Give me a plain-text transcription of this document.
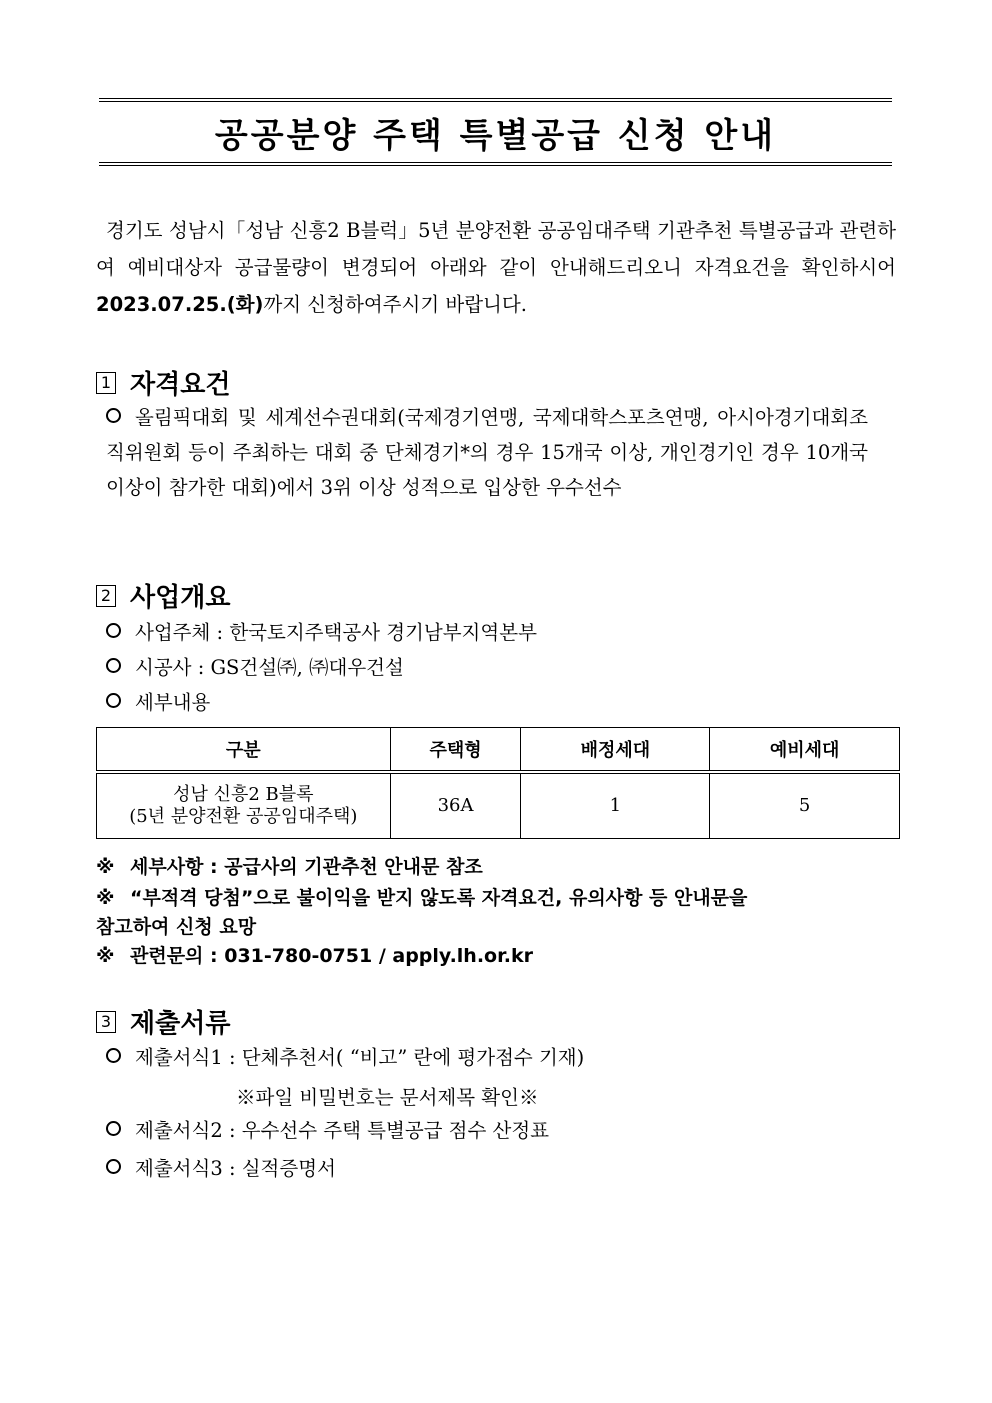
공공분양 주택 특별공급 신청 안내
경기도 성남시「성남 신흥2 B블럭」5년 분양전환 공공임대주택 기관추천 특별공급과 관련하여 예비대상자 공급물량이 변경되어 아래와 같이 안내해드리오니 자격요건을 확인하시어 2023.07.25.(화)까지 신청하여주시기 바랍니다.
1 자격요건
올림픽대회 및 세계선수권대회(국제경기연맹, 국제대학스포츠연맹, 아시아경기대회조직위원회 등이 주최하는 대회 중 단체경기*의 경우 15개국 이상, 개인경기인 경우 10개국 이상이 참가한 대회)에서 3위 이상 성적으로 입상한 우수선수
2 사업개요
사업주체 : 한국토지주택공사 경기남부지역본부
시공사 : GS건설㈜, ㈜대우건설
세부내용
구분	주택형	배정세대	예비세대

성남 신흥2 B블록
(5년 분양전환 공공임대주택)	36A	1	5
※ 세부사항 : 공급사의 기관추천 안내문 참조
※ “부적격 당첨”으로 불이익을 받지 않도록 자격요건, 유의사항 등 안내문을
참고하여 신청 요망
※ 관련문의 : 031-780-0751 / apply.lh.or.kr
3 제출서류
제출서식1 : 단체추천서( “비고” 란에 평가점수 기재)
※파일 비밀번호는 문서제목 확인※
제출서식2 : 우수선수 주택 특별공급 점수 산정표
제출서식3 : 실적증명서
